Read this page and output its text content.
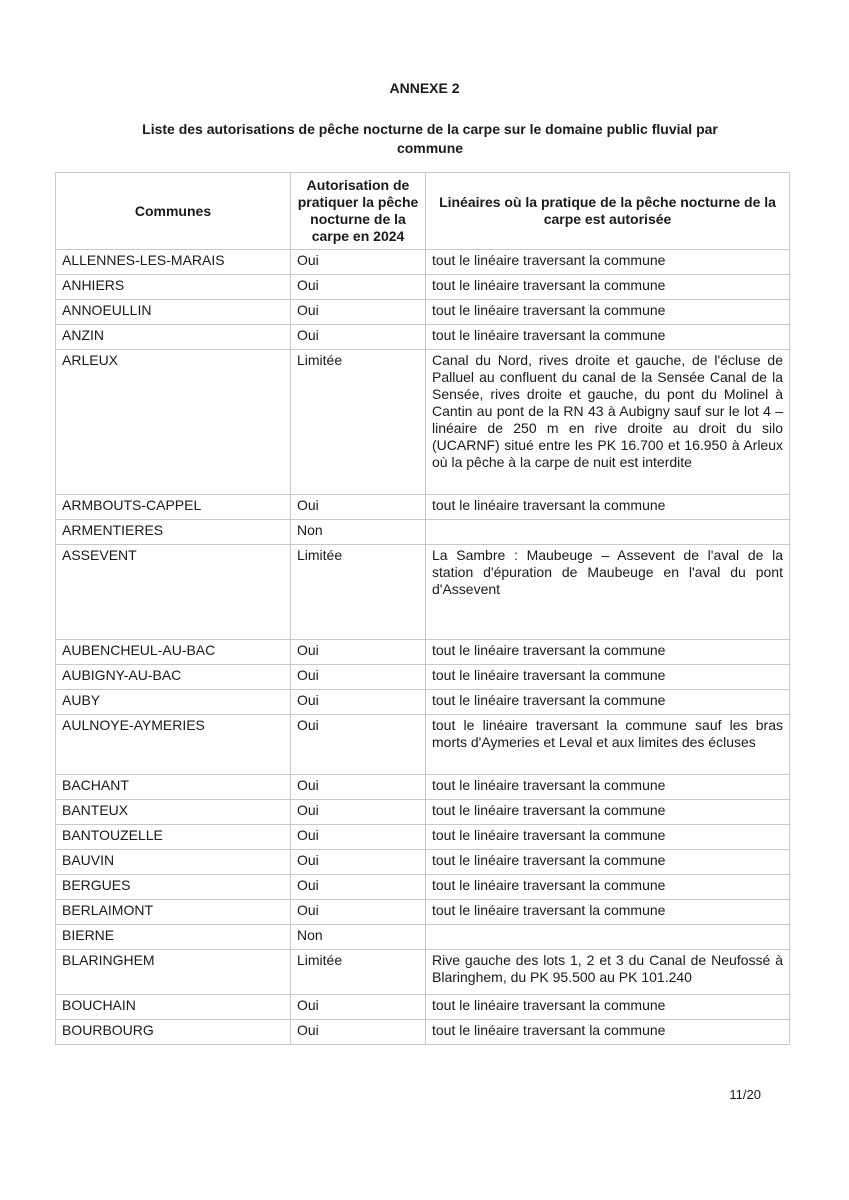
ANNEXE 2
Liste des autorisations de pêche nocturne de la carpe sur le domaine public fluvial par commune
Communes	Autorisation de pratiquer la pêche nocturne de la carpe en 2024	Linéaires où la pratique de la pêche nocturne de la carpe est autorisée
ALLENNES-LES-MARAIS	Oui	tout le linéaire traversant la commune
ANHIERS	Oui	tout le linéaire traversant la commune
ANNOEULLIN	Oui	tout le linéaire traversant la commune
ANZIN	Oui	tout le linéaire traversant la commune
ARLEUX	Limitée	Canal du Nord, rives droite et gauche, de l'écluse de Palluel au confluent du canal de la Sensée Canal de la Sensée, rives droite et gauche, du pont du Molinel à Cantin au pont de la RN 43 à Aubigny sauf sur le lot 4 – linéaire de 250 m en rive droite au droit du silo (UCARNF) situé entre les PK 16.700 et 16.950 à Arleux où la pêche à la carpe de nuit est interdite
ARMBOUTS-CAPPEL	Oui	tout le linéaire traversant la commune
ARMENTIERES	Non	
ASSEVENT	Limitée	La Sambre : Maubeuge – Assevent de l'aval de la station d'épuration de Maubeuge en l'aval du pont d'Assevent
AUBENCHEUL-AU-BAC	Oui	tout le linéaire traversant la commune
AUBIGNY-AU-BAC	Oui	tout le linéaire traversant la commune
AUBY	Oui	tout le linéaire traversant la commune
AULNOYE-AYMERIES	Oui	tout le linéaire traversant la commune sauf les bras morts d'Aymeries et Leval et aux limites des écluses
BACHANT	Oui	tout le linéaire traversant la commune
BANTEUX	Oui	tout le linéaire traversant la commune
BANTOUZELLE	Oui	tout le linéaire traversant la commune
BAUVIN	Oui	tout le linéaire traversant la commune
BERGUES	Oui	tout le linéaire traversant la commune
BERLAIMONT	Oui	tout le linéaire traversant la commune
BIERNE	Non	
BLARINGHEM	Limitée	Rive gauche des lots 1, 2 et 3 du Canal de Neufossé à Blaringhem, du PK 95.500 au PK 101.240
BOUCHAIN	Oui	tout le linéaire traversant la commune
BOURBOURG	Oui	tout le linéaire traversant la commune
11/20
